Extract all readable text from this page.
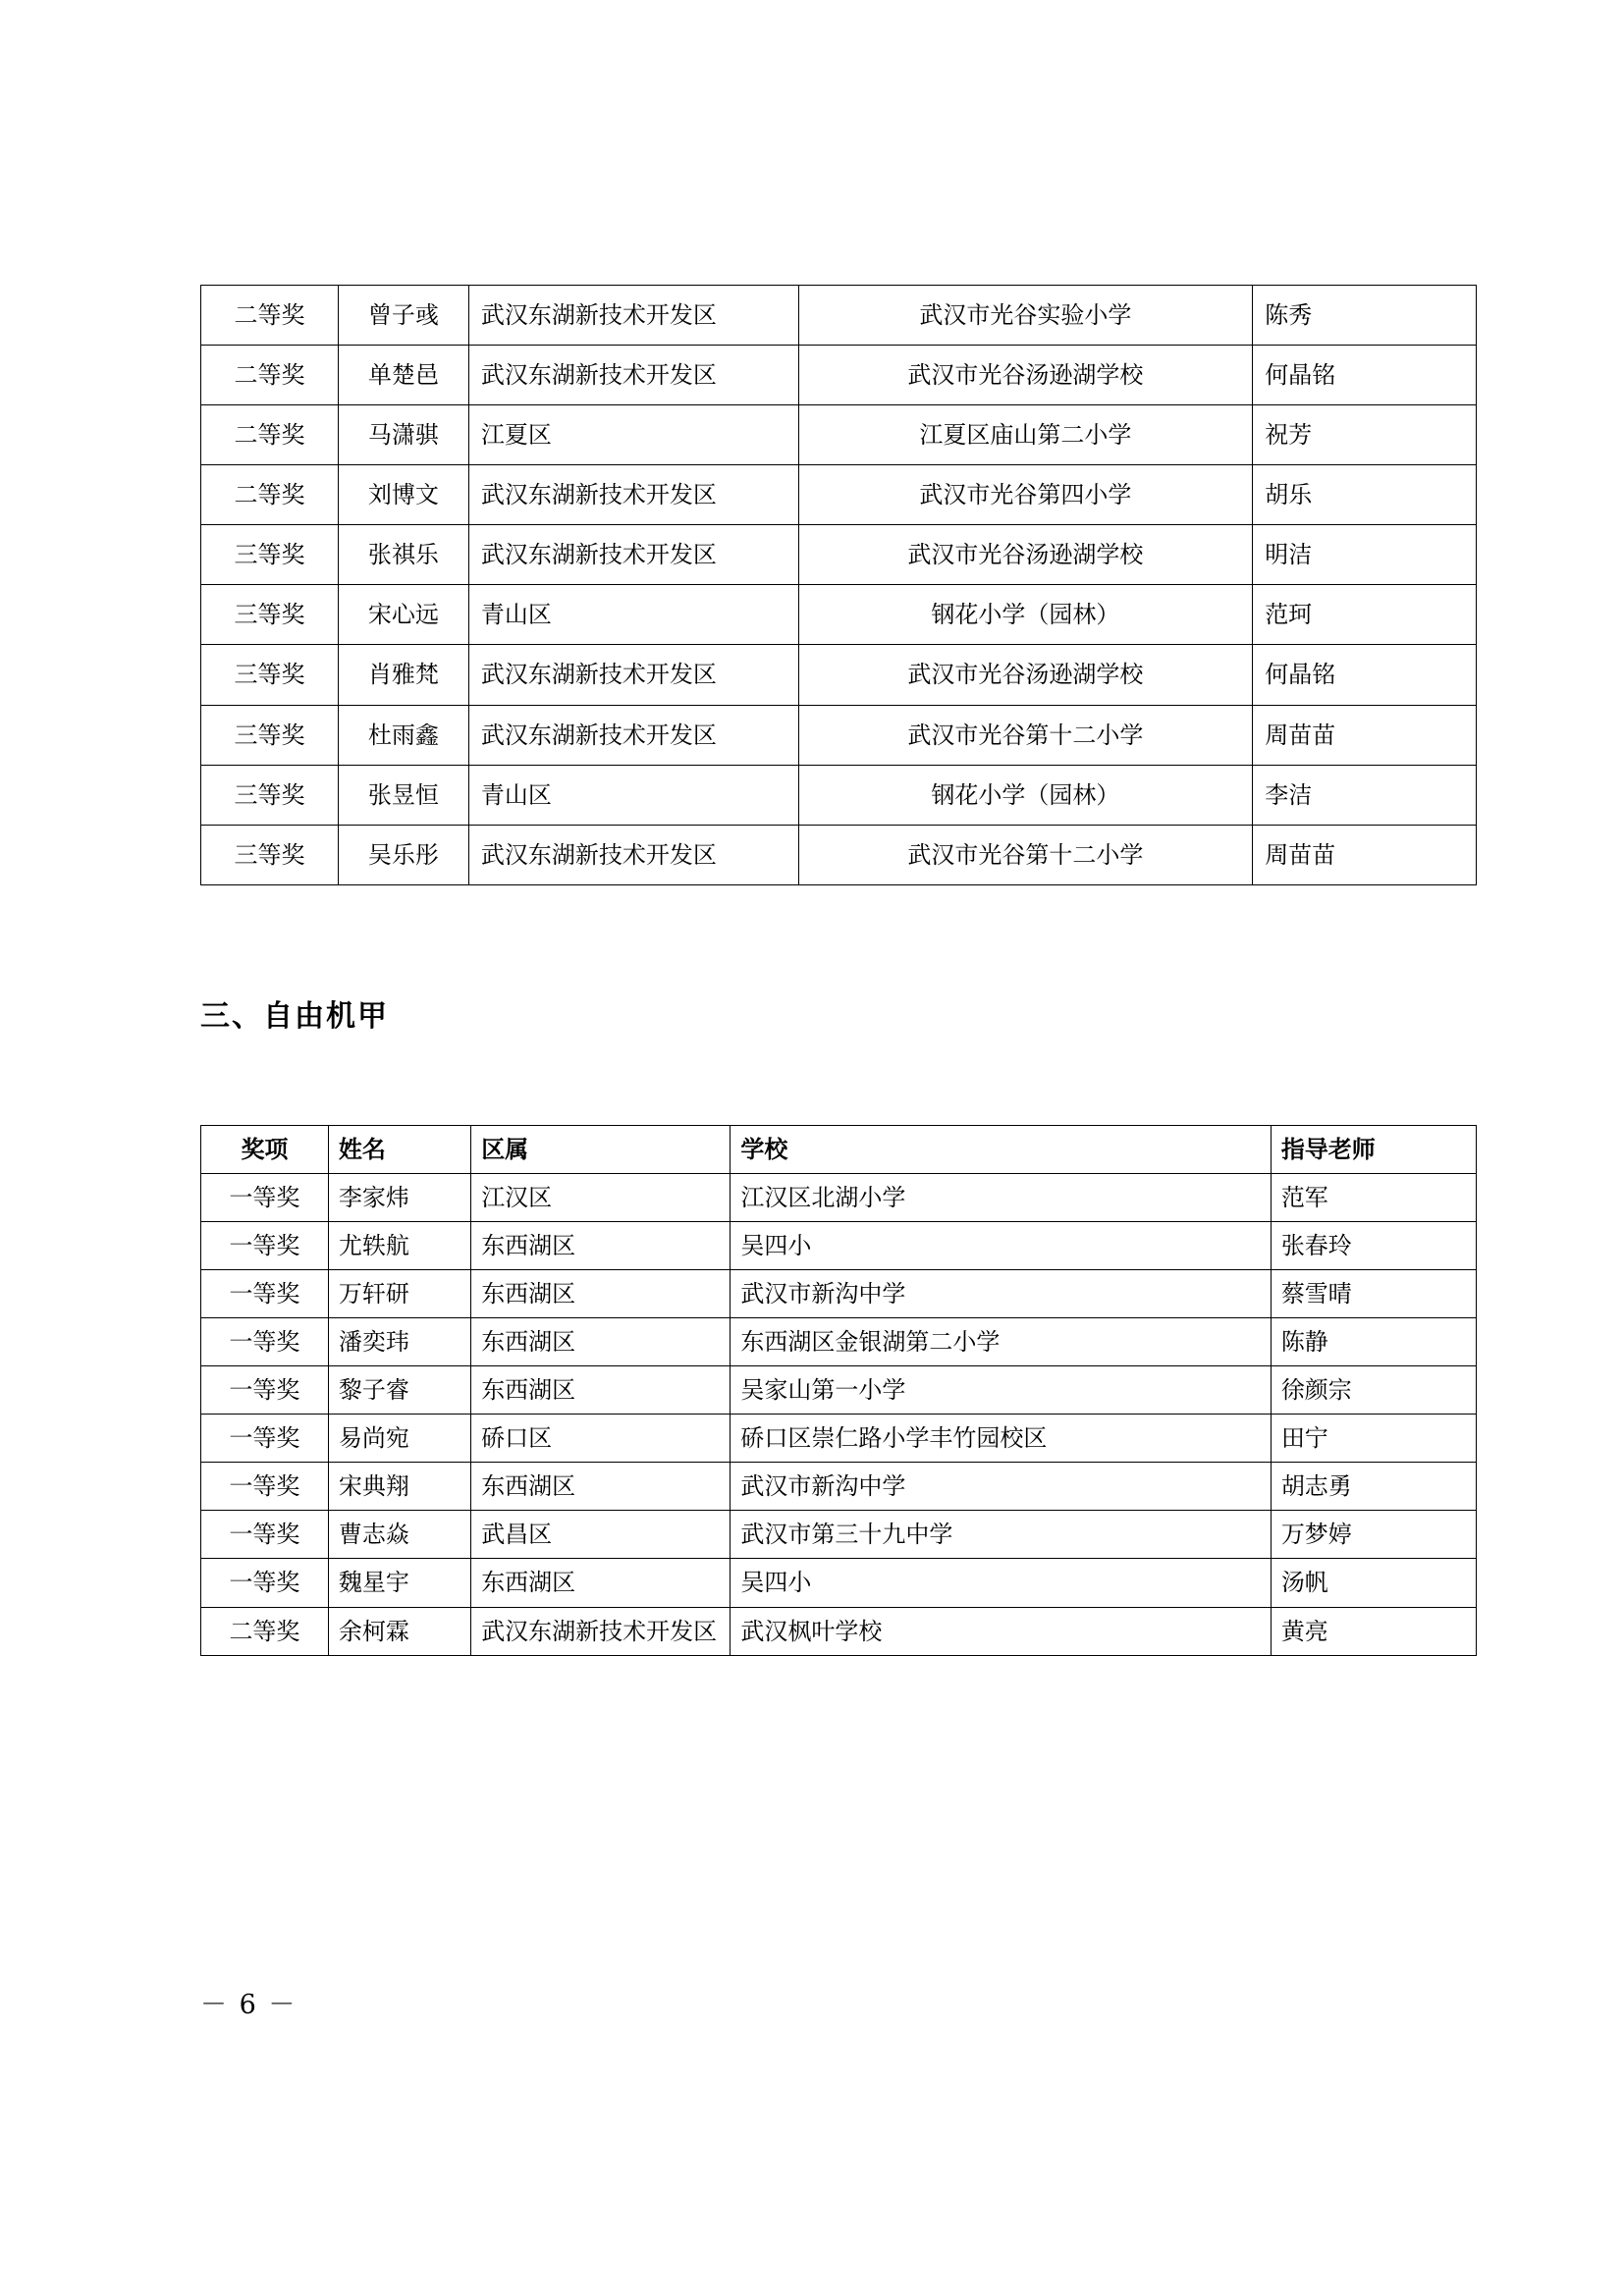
二等奖	曾子彧	武汉东湖新技术开发区	武汉市光谷实验小学	陈秀

二等奖	单楚邑	武汉东湖新技术开发区	武汉市光谷汤逊湖学校	何晶铭

二等奖	马潇骐	江夏区	江夏区庙山第二小学	祝芳

二等奖	刘博文	武汉东湖新技术开发区	武汉市光谷第四小学	胡乐

三等奖	张祺乐	武汉东湖新技术开发区	武汉市光谷汤逊湖学校	明洁

三等奖	宋心远	青山区	钢花小学（园林）	范珂

三等奖	肖雅梵	武汉东湖新技术开发区	武汉市光谷汤逊湖学校	何晶铭

三等奖	杜雨鑫	武汉东湖新技术开发区	武汉市光谷第十二小学	周苗苗

三等奖	张昱恒	青山区	钢花小学（园林）	李洁

三等奖	吴乐彤	武汉东湖新技术开发区	武汉市光谷第十二小学	周苗苗
三、自由机甲
奖项	姓名	区属	学校	指导老师

一等奖	李家炜	江汉区	江汉区北湖小学	范军

一等奖	尤轶航	东西湖区	吴四小	张春玲

一等奖	万轩研	东西湖区	武汉市新沟中学	蔡雪晴

一等奖	潘奕玮	东西湖区	东西湖区金银湖第二小学	陈静

一等奖	黎子睿	东西湖区	吴家山第一小学	徐颜宗

一等奖	易尚宛	硚口区	硚口区崇仁路小学丰竹园校区	田宁

一等奖	宋典翔	东西湖区	武汉市新沟中学	胡志勇

一等奖	曹志焱	武昌区	武汉市第三十九中学	万梦婷

一等奖	魏星宇	东西湖区	吴四小	汤帆

二等奖	余柯霖	武汉东湖新技术开发区	武汉枫叶学校	黄亮
－ 6 －
